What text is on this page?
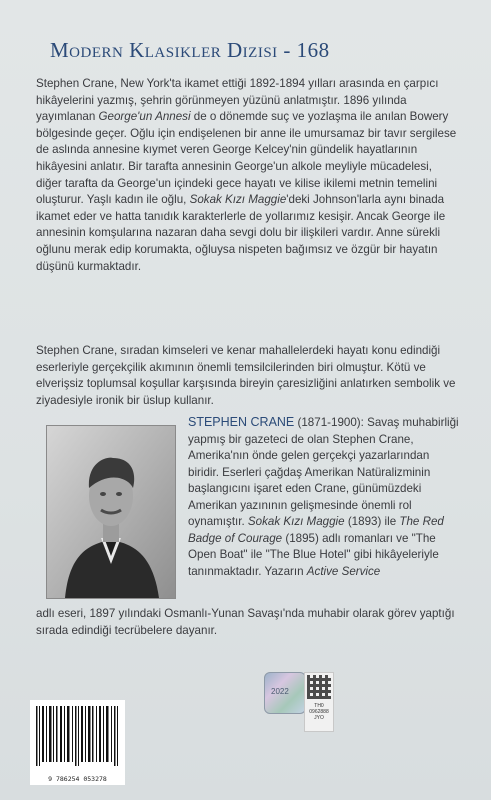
Modern Klasikler Dizisi - 168
Stephen Crane, New York'ta ikamet ettiği 1892-1894 yılları arasında en çarpıcı hikâyelerini yazmış, şehrin görünmeyen yüzünü anlatmıştır. 1896 yılında yayımlanan George'un Annesi de o dönemde suç ve yozlaşma ile anılan Bowery bölgesinde geçer. Oğlu için endişelenen bir anne ile umursamaz bir tavır sergilese de aslında annesine kıymet veren George Kelcey'nin gündelik hayatlarının hikâyesini anlatır. Bir tarafta annesinin George'un alkole meyliyle mücadelesi, diğer tarafta da George'un içindeki gece hayatı ve kilise ikilemi metnin temelini oluşturur. Yaşlı kadın ile oğlu, Sokak Kızı Maggie'deki Johnson'larla aynı binada ikamet eder ve hatta tanıdık karakterlerle de yollarımız kesişir. Ancak George ile annesinin komşularına nazaran daha sevgi dolu bir ilişkileri vardır. Anne sürekli oğlunu merak edip korumakta, oğluysa nispeten bağımsız ve özgür bir hayatın düşünü kurmaktadır.
Stephen Crane, sıradan kimseleri ve kenar mahallelerdeki hayatı konu edindiği eserleriyle gerçekçilik akımının önemli temsilcilerinden biri olmuştur. Kötü ve elverişsiz toplumsal koşullar karşısında bireyin çaresizliğini anlatırken sembolik ve ziyadesiyle ironik bir üslup kullanır.
STEPHEN CRANE (1871-1900): Savaş muhabirliği yapmış bir gazeteci de olan Stephen Crane, Amerika'nın önde gelen gerçekçi yazarlarından biridir. Eserleri çağdaş Amerikan Natüralizminin başlangıcını işaret eden Crane, günümüzdeki Amerikan yazınının gelişmesinde önemli rol oynamıştır. Sokak Kızı Maggie (1893) ile The Red Badge of Courage (1895) adlı romanları ve "The Open Boat" ile "The Blue Hotel" gibi hikâyeleriyle tanınmaktadır. Yazarın Active Service
adlı eseri, 1897 yılındaki Osmanlı-Yunan Savaşı'nda muhabir olarak görev yaptığı sırada edindiği tecrübelere dayanır.
2022
TH0
0962888
JYO
9 786254 053278
